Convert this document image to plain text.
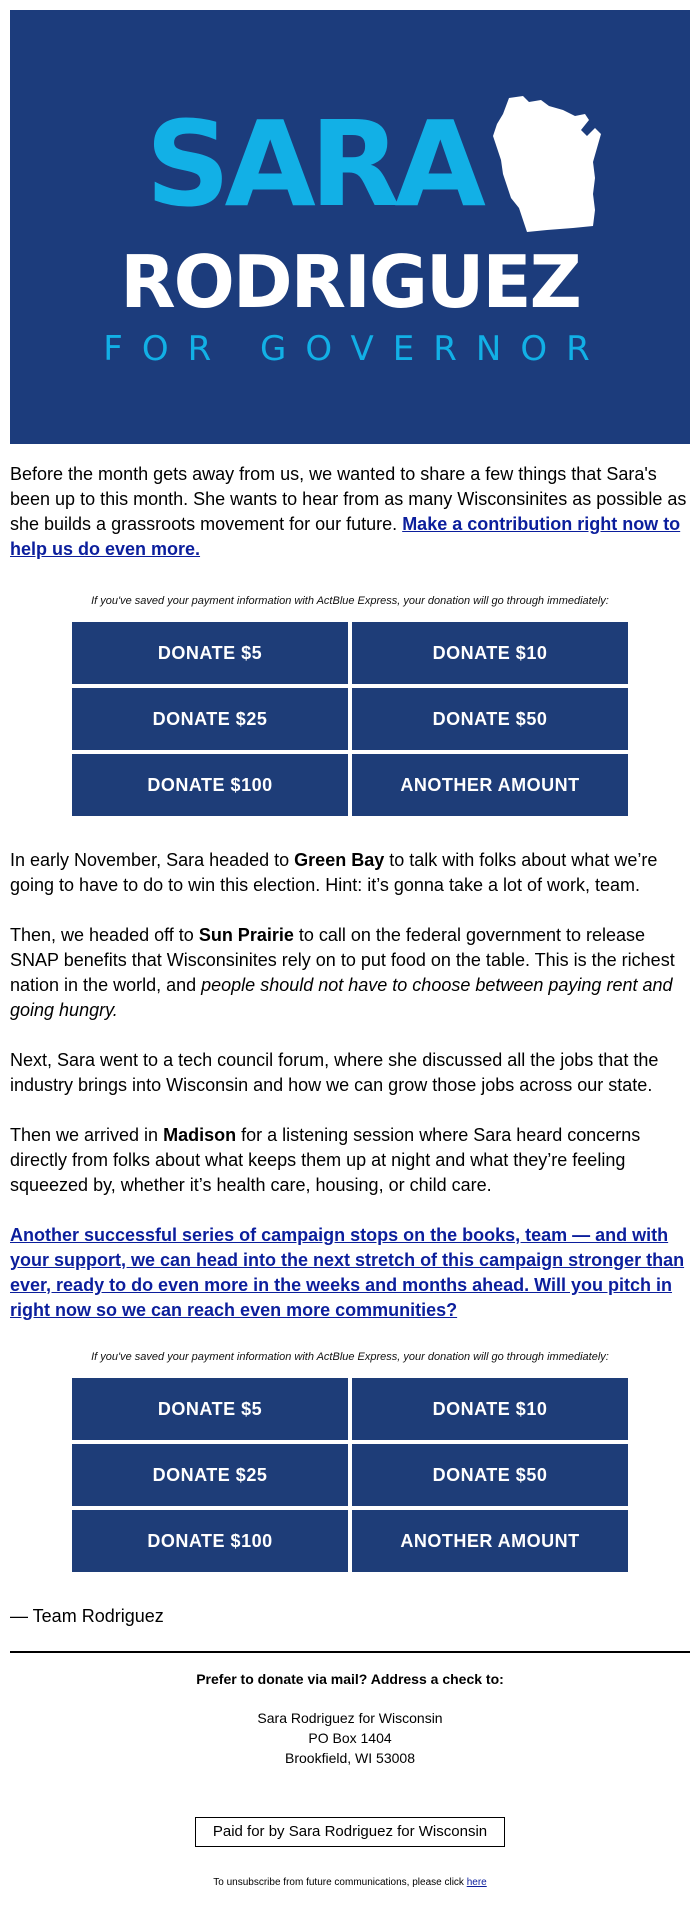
SARA
RODRIGUEZ
FOR GOVERNOR

Before the month gets away from us, we wanted to share a few things that Sara's been up to this month. She wants to hear from as many Wisconsinites as possible as she builds a grassroots movement for our future. Make a contribution right now to help us do even more.

If you've saved your payment information with ActBlue Express, your donation will go through immediately:
DONATE $5	DONATE $10
DONATE $25	DONATE $50
DONATE $100	ANOTHER AMOUNT

In early November, Sara headed to Green Bay to talk with folks about what we’re going to have to do to win this election. Hint: it’s gonna take a lot of work, team.

Then, we headed off to Sun Prairie to call on the federal government to release SNAP benefits that Wisconsinites rely on to put food on the table. This is the richest nation in the world, and people should not have to choose between paying rent and going hungry.

Next, Sara went to a tech council forum, where she discussed all the jobs that the industry brings into Wisconsin and how we can grow those jobs across our state.

Then we arrived in Madison for a listening session where Sara heard concerns directly from folks about what keeps them up at night and what they’re feeling squeezed by, whether it’s health care, housing, or child care.

Another successful series of campaign stops on the books, team — and with your support, we can head into the next stretch of this campaign stronger than ever, ready to do even more in the weeks and months ahead. Will you pitch in right now so we can reach even more communities?

If you've saved your payment information with ActBlue Express, your donation will go through immediately:
DONATE $5	DONATE $10
DONATE $25	DONATE $50
DONATE $100	ANOTHER AMOUNT

— Team Rodriguez

Prefer to donate via mail? Address a check to:
Sara Rodriguez for Wisconsin
PO Box 1404
Brookfield, WI 53008
Paid for by Sara Rodriguez for Wisconsin
To unsubscribe from future communications, please click here
